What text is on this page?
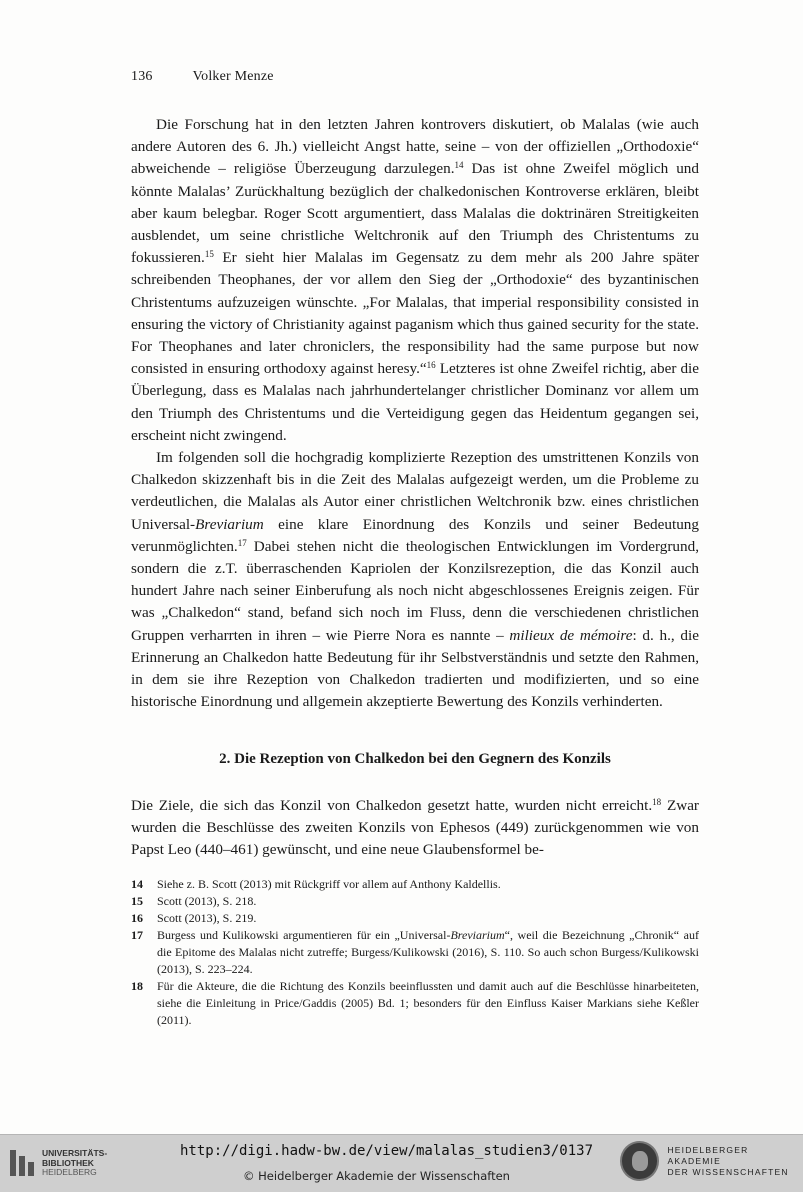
136	Volker Menze

Die Forschung hat in den letzten Jahren kontrovers diskutiert, ob Malalas (wie auch andere Autoren des 6. Jh.) vielleicht Angst hatte, seine – von der offiziellen „Orthodoxie“ abweichende – religiöse Überzeugung darzulegen.$^{14}$ Das ist ohne Zweifel möglich und könnte Malalas’ Zurückhaltung bezüglich der chalkedonischen Kontroverse erklären, bleibt aber kaum belegbar. Roger Scott argumentiert, dass Malalas die doktrinären Streitigkeiten ausblendet, um seine christliche Weltchronik auf den Triumph des Christentums zu fokussieren.$^{15}$ Er sieht hier Malalas im Gegensatz zu dem mehr als 200 Jahre später schreibenden Theophanes, der vor allem den Sieg der „Orthodoxie“ des byzantinischen Christentums aufzuzeigen wünschte. „For Malalas, that imperial responsibility consisted in ensuring the victory of Christianity against paganism which thus gained security for the state. For Theophanes and later chroniclers, the responsibility had the same purpose but now consisted in ensuring orthodoxy against heresy.“$^{16}$ Letzteres ist ohne Zweifel richtig, aber die Überlegung, dass es Malalas nach jahrhundertelanger christlicher Dominanz vor allem um den Triumph des Christentums und die Verteidigung gegen das Heidentum gegangen sei, erscheint nicht zwingend.

Im folgenden soll die hochgradig komplizierte Rezeption des umstrittenen Konzils von Chalkedon skizzenhaft bis in die Zeit des Malalas aufgezeigt werden, um die Probleme zu verdeutlichen, die Malalas als Autor einer christlichen Weltchronik bzw. eines christlichen Universal-Breviarium eine klare Einordnung des Konzils und seiner Bedeutung verunmöglichten.$^{17}$ Dabei stehen nicht die theologischen Entwicklungen im Vordergrund, sondern die z.T. überraschenden Kapriolen der Konzilsrezeption, die das Konzil auch hundert Jahre nach seiner Einberufung als noch nicht abgeschlossenes Ereignis zeigen. Für was „Chalkedon“ stand, befand sich noch im Fluss, denn die verschiedenen christlichen Gruppen verharrten in ihren – wie Pierre Nora es nannte – milieux de mémoire: d. h., die Erinnerung an Chalkedon hatte Bedeutung für ihr Selbstverständnis und setzte den Rahmen, in dem sie ihre Rezeption von Chalkedon tradierten und modifizierten, und so eine historische Einordnung und allgemein akzeptierte Bewertung des Konzils verhinderten.

2. Die Rezeption von Chalkedon bei den Gegnern des Konzils

Die Ziele, die sich das Konzil von Chalkedon gesetzt hatte, wurden nicht erreicht.$^{18}$ Zwar wurden die Beschlüsse des zweiten Konzils von Ephesos (449) zurückgenommen wie von Papst Leo (440–461) gewünscht, und eine neue Glaubensformel be-

14	Siehe z. B. Scott (2013) mit Rückgriff vor allem auf Anthony Kaldellis.
15	Scott (2013), S. 218.
16	Scott (2013), S. 219.
17	Burgess und Kulikowski argumentieren für ein „Universal-Breviarium“, weil die Bezeichnung „Chronik“ auf die Epitome des Malalas nicht zutreffe; Burgess/Kulikowski (2016), S. 110. So auch schon Burgess/Kulikowski (2013), S. 223–224.
18	Für die Akteure, die die Richtung des Konzils beeinflussten und damit auch auf die Beschlüsse hinarbeiteten, siehe die Einleitung in Price/Gaddis (2005) Bd. 1; besonders für den Einfluss Kaiser Markians siehe Keßler (2011).
UNIVERSITÄTS-
BIBLIOTHEK
HEIDELBERG
http://digi.hadw-bw.de/view/malalas_studien3/0137
© Heidelberger Akademie der Wissenschaften
HEIDELBERGER AKADEMIE
DER WISSENSCHAFTEN
